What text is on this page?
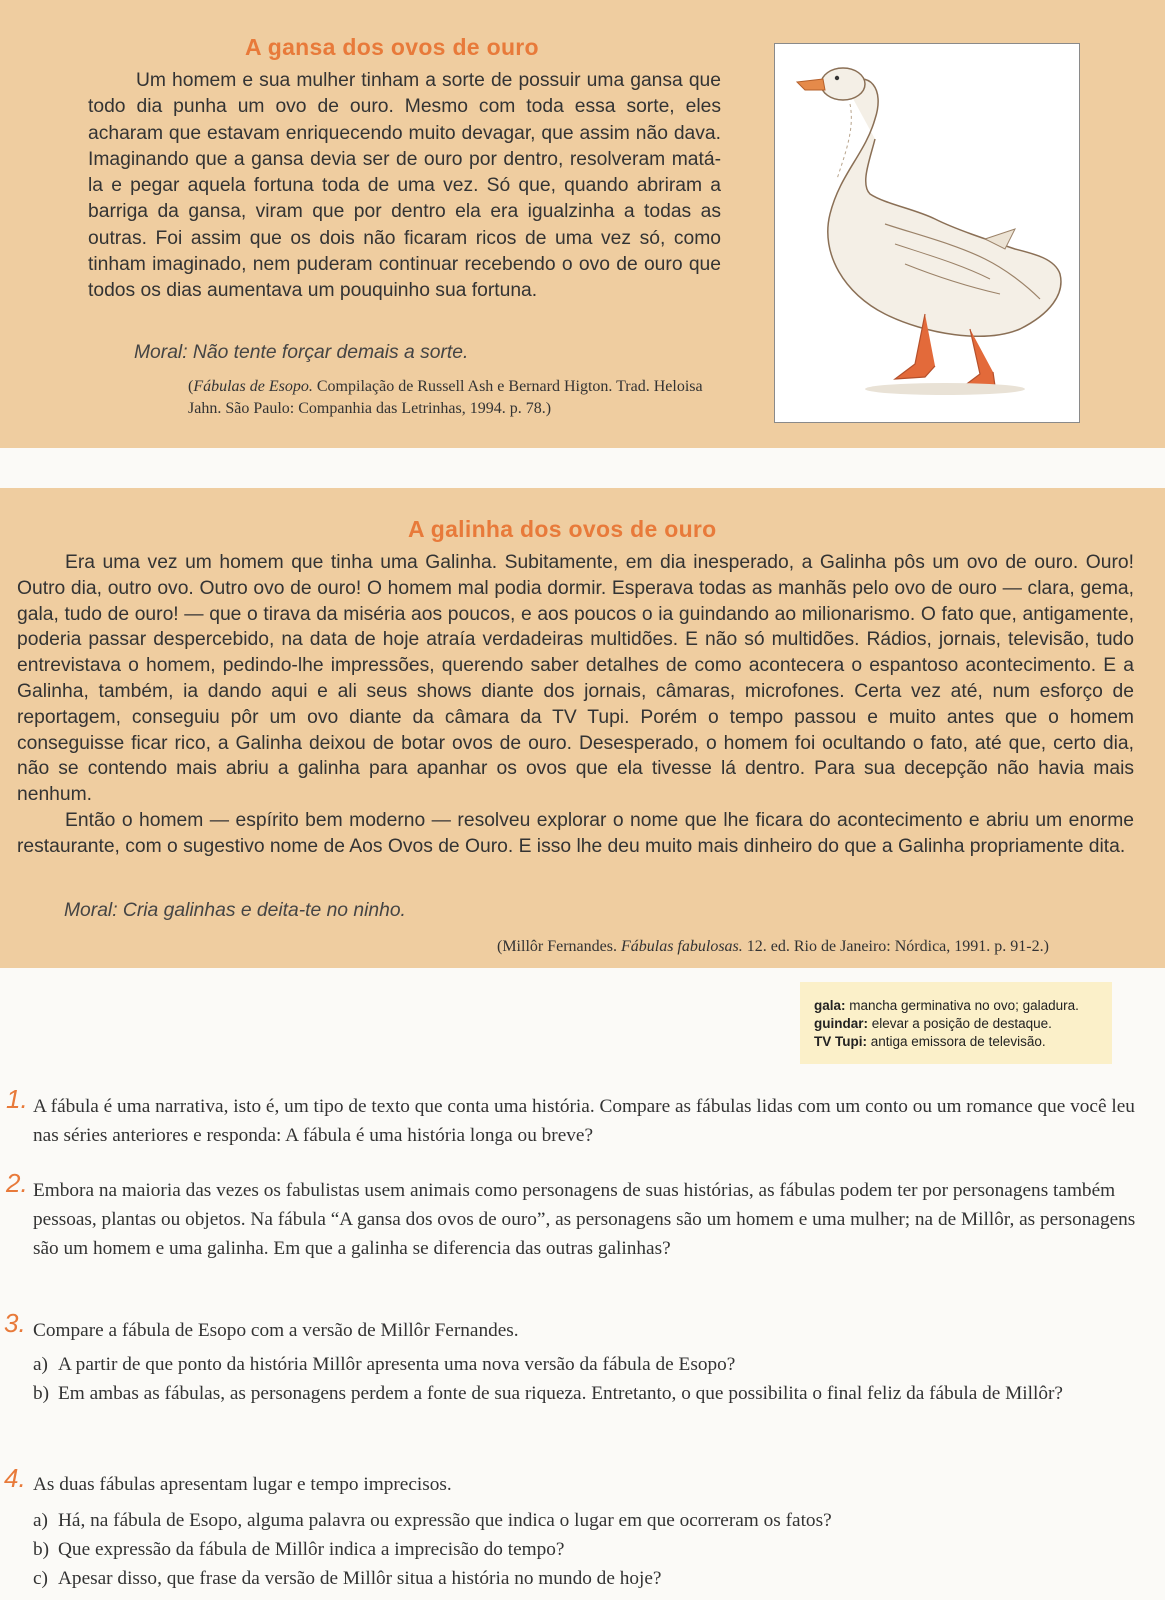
A gansa dos ovos de ouro

Um homem e sua mulher tinham a sorte de possuir uma gansa que todo dia punha um ovo de ouro. Mesmo com toda essa sorte, eles acharam que estavam enriquecendo muito devagar, que assim não dava. Imaginando que a gansa devia ser de ouro por dentro, resolveram matá-la e pegar aquela fortuna toda de uma vez. Só que, quando abriram a barriga da gansa, viram que por dentro ela era igualzinha a todas as outras. Foi assim que os dois não ficaram ricos de uma vez só, como tinham imaginado, nem puderam continuar recebendo o ovo de ouro que todos os dias aumentava um pouquinho sua fortuna.

Moral: Não tente forçar demais a sorte.
(Fábulas de Esopo. Compilação de Russell Ash e Bernard Higton. Trad. Heloisa Jahn. São Paulo: Companhia das Letrinhas, 1994. p. 78.)
A galinha dos ovos de ouro

Era uma vez um homem que tinha uma Galinha. Subitamente, em dia inesperado, a Galinha pôs um ovo de ouro. Ouro! Outro dia, outro ovo. Outro ovo de ouro! O homem mal podia dormir. Esperava todas as manhãs pelo ovo de ouro — clara, gema, gala, tudo de ouro! — que o tirava da miséria aos poucos, e aos poucos o ia guindando ao milionarismo. O fato que, antigamente, poderia passar despercebido, na data de hoje atraía verdadeiras multidões. E não só multidões. Rádios, jornais, televisão, tudo entrevistava o homem, pedindo-lhe impressões, querendo saber detalhes de como acontecera o espantoso acontecimento. E a Galinha, também, ia dando aqui e ali seus shows diante dos jornais, câmaras, microfones. Certa vez até, num esforço de reportagem, conseguiu pôr um ovo diante da câmara da TV Tupi. Porém o tempo passou e muito antes que o homem conseguisse ficar rico, a Galinha deixou de botar ovos de ouro. Desesperado, o homem foi ocultando o fato, até que, certo dia, não se contendo mais abriu a galinha para apanhar os ovos que ela tivesse lá dentro. Para sua decepção não havia mais nenhum.

Então o homem — espírito bem moderno — resolveu explorar o nome que lhe ficara do acontecimento e abriu um enorme restaurante, com o sugestivo nome de Aos Ovos de Ouro. E isso lhe deu muito mais dinheiro do que a Galinha propriamente dita.

Moral: Cria galinhas e deita-te no ninho.
(Millôr Fernandes. Fábulas fabulosas. 12. ed. Rio de Janeiro: Nórdica, 1991. p. 91-2.)
gala: mancha germinativa no ovo; galadura.
guindar: elevar a posição de destaque.
TV Tupi: antiga emissora de televisão.
1. A fábula é uma narrativa, isto é, um tipo de texto que conta uma história. Compare as fábulas lidas com um conto ou um romance que você leu nas séries anteriores e responda: A fábula é uma história longa ou breve?
2. Embora na maioria das vezes os fabulistas usem animais como personagens de suas histórias, as fábulas podem ter por personagens também pessoas, plantas ou objetos. Na fábula “A gansa dos ovos de ouro”, as personagens são um homem e uma mulher; na de Millôr, as personagens são um homem e uma galinha. Em que a galinha se diferencia das outras galinhas?
3. Compare a fábula de Esopo com a versão de Millôr Fernandes.
a) A partir de que ponto da história Millôr apresenta uma nova versão da fábula de Esopo?
b) Em ambas as fábulas, as personagens perdem a fonte de sua riqueza. Entretanto, o que possibilita o final feliz da fábula de Millôr?
4. As duas fábulas apresentam lugar e tempo imprecisos.
a) Há, na fábula de Esopo, alguma palavra ou expressão que indica o lugar em que ocorreram os fatos?
b) Que expressão da fábula de Millôr indica a imprecisão do tempo?
c) Apesar disso, que frase da versão de Millôr situa a história no mundo de hoje?
